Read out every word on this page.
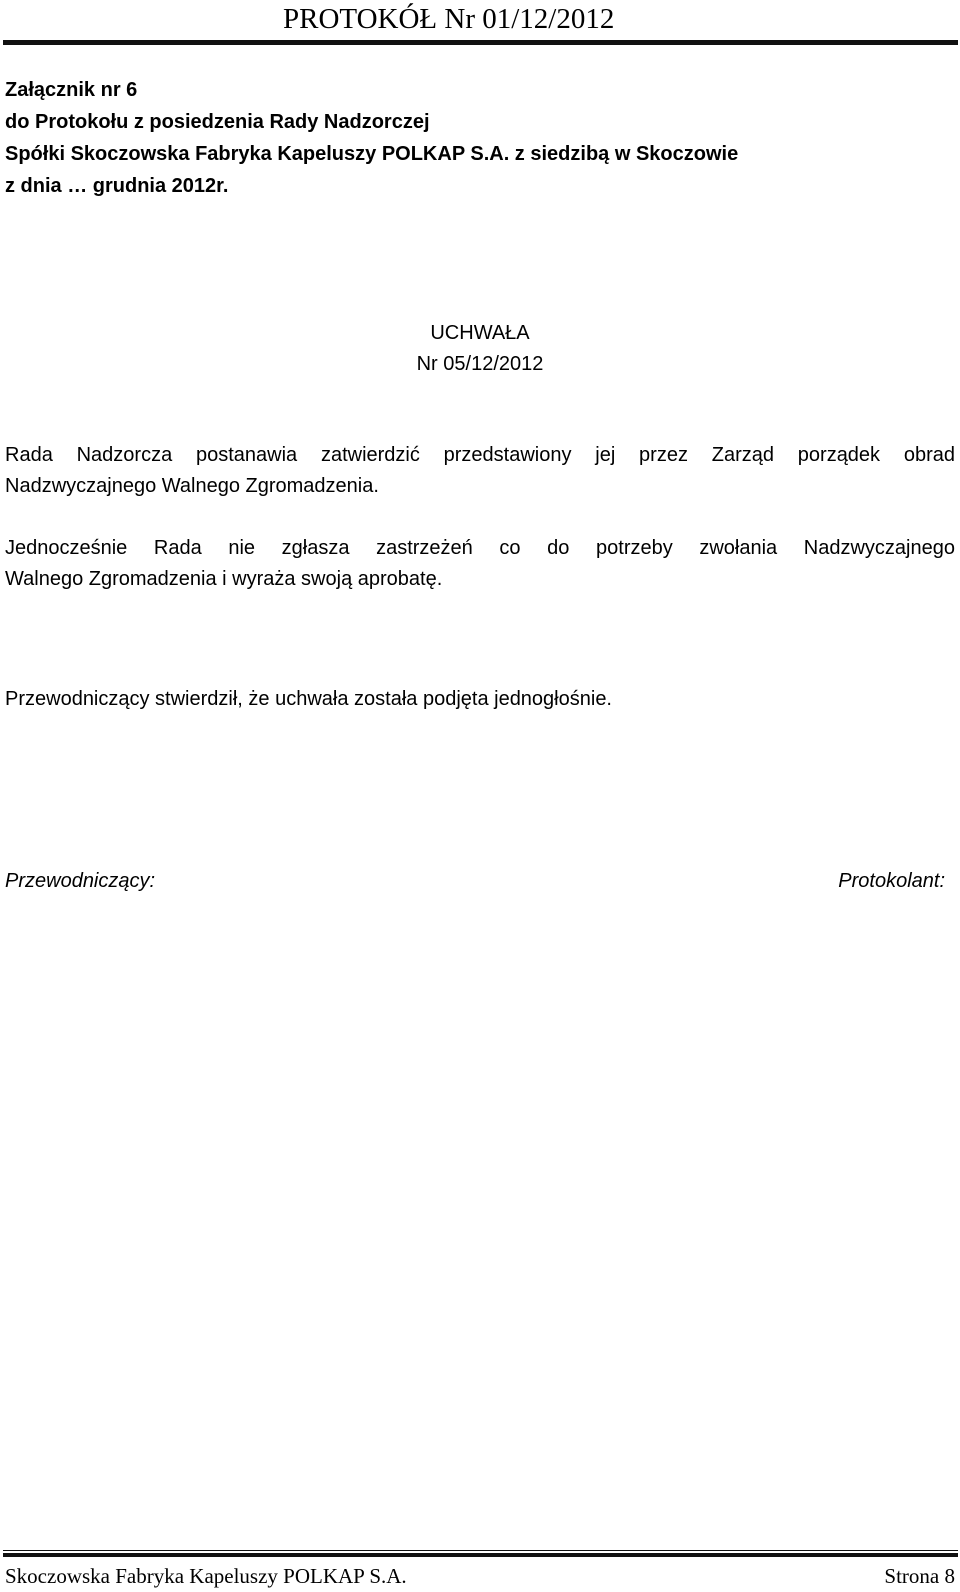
PROTOKÓŁ Nr 01/12/2012
Załącznik nr 6
do Protokołu z posiedzenia Rady Nadzorczej
Spółki Skoczowska Fabryka Kapeluszy POLKAP S.A. z siedzibą w Skoczowie
z dnia … grudnia 2012r.
UCHWAŁA
Nr 05/12/2012
Rada Nadzorcza postanawia zatwierdzić przedstawiony jej przez Zarząd porządek obrad
Nadzwyczajnego Walnego Zgromadzenia.
Jednocześnie Rada nie zgłasza zastrzeżeń co do potrzeby zwołania Nadzwyczajnego
Walnego Zgromadzenia i wyraża swoją aprobatę.
Przewodniczący stwierdził, że uchwała została podjęta jednogłośnie.
Przewodniczący:	Protokolant:
Skoczowska Fabryka Kapeluszy POLKAP S.A.	Strona 8
